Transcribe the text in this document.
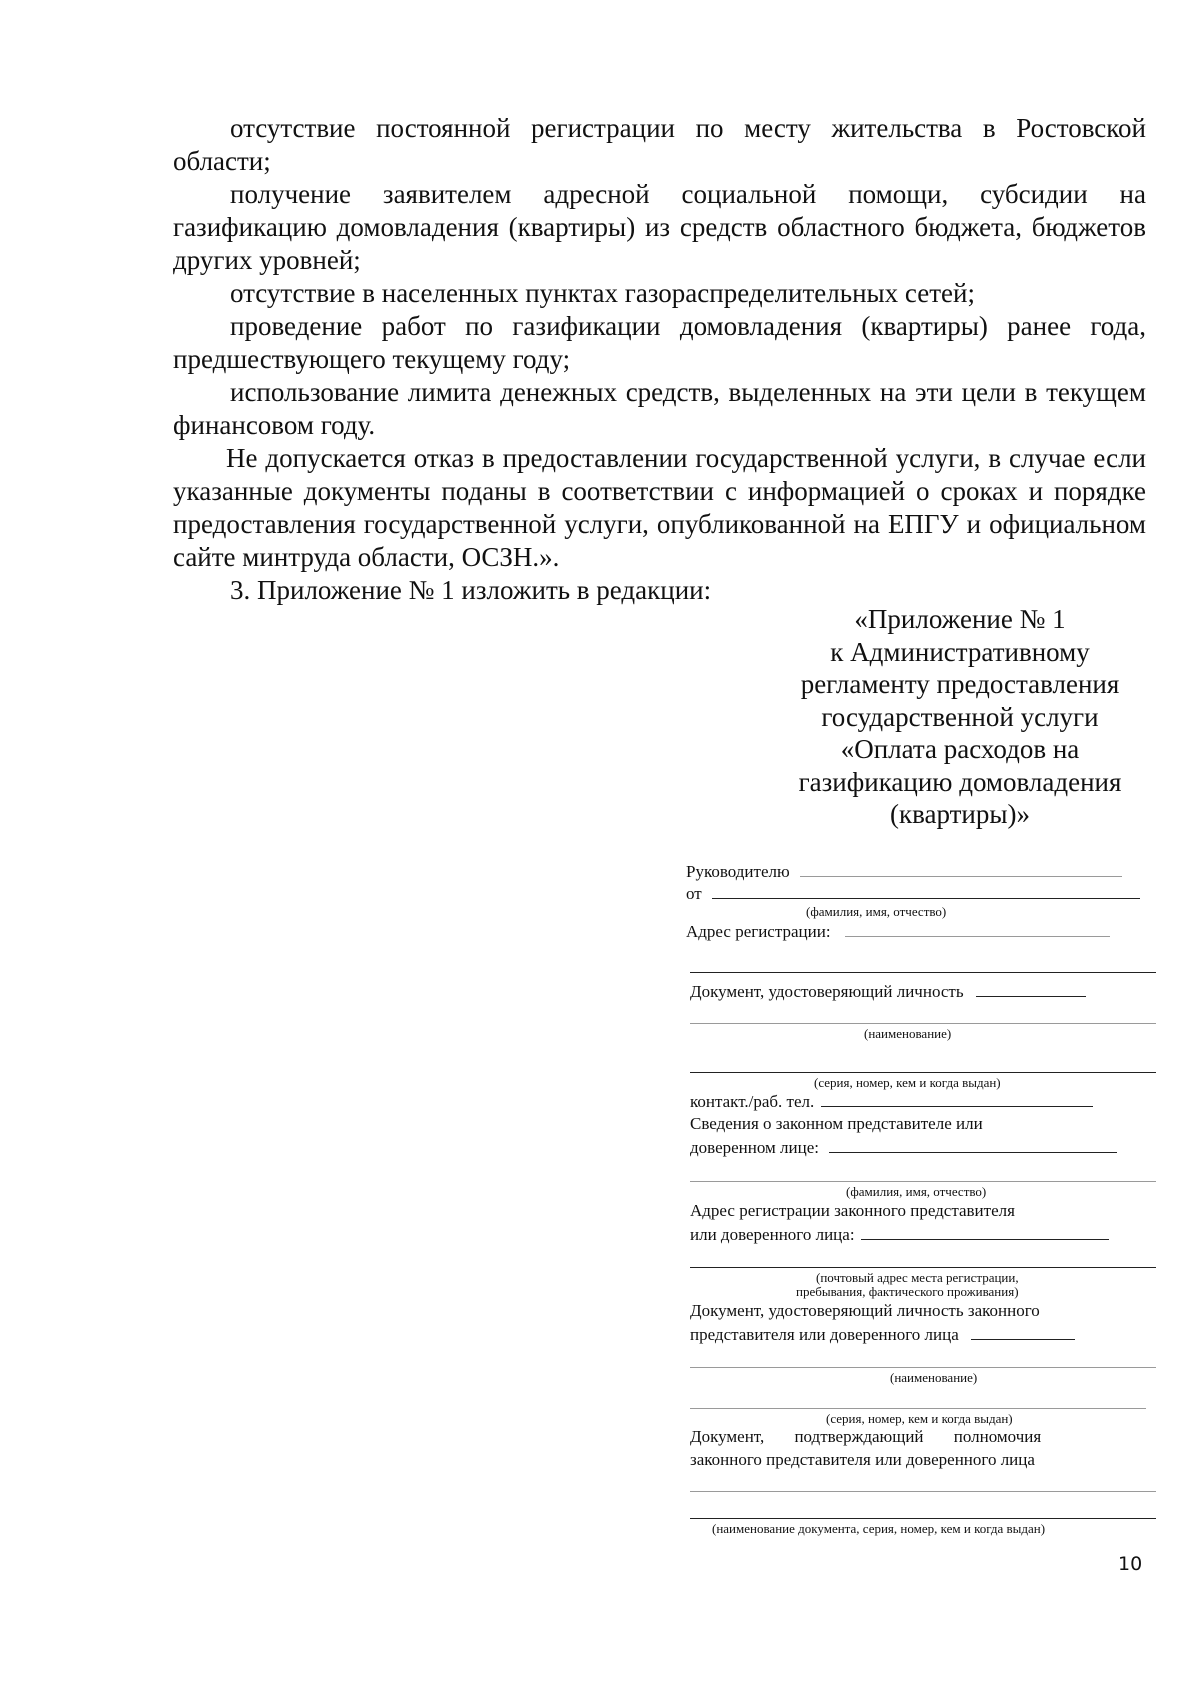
отсутствие постоянной регистрации по месту жительства в Ростовской области;

получение заявителем адресной социальной помощи, субсидии на газификацию домовладения (квартиры) из средств областного бюджета, бюджетов других уровней;

отсутствие в населенных пунктах газораспределительных сетей;

проведение работ по газификации домовладения (квартиры) ранее года, предшествующего текущему году;

использование лимита денежных средств, выделенных на эти цели в текущем финансовом году.

Не допускается отказ в предоставлении государственной услуги, в случае если указанные документы поданы в соответствии с информацией о сроках и порядке предоставления государственной услуги, опубликованной на ЕПГУ и официальном сайте минтруда области, ОСЗН.».

3. Приложение № 1 изложить в редакции:

«Приложение № 1
к Административному
регламенту предоставления
государственной услуги
«Оплата расходов на
газификацию домовладения
(квартиры)»
Руководителю
от
(фамилия, имя, отчество)
Адрес регистрации:
Документ, удостоверяющий личность
(наименование)
(серия, номер, кем и когда выдан)
контакт./раб. тел.
Сведения о законном представителе или
доверенном лице:
(фамилия, имя, отчество)
Адрес регистрации законного представителя
или доверенного лица:
(почтовый адрес места регистрации,
пребывания, фактического проживания)
Документ, удостоверяющий личность законного
представителя или доверенного лица
(наименование)
(серия, номер, кем и когда выдан)
Документ, подтверждающий полномочия
законного представителя или доверенного лица
(наименование документа, серия, номер, кем и когда выдан)
10
